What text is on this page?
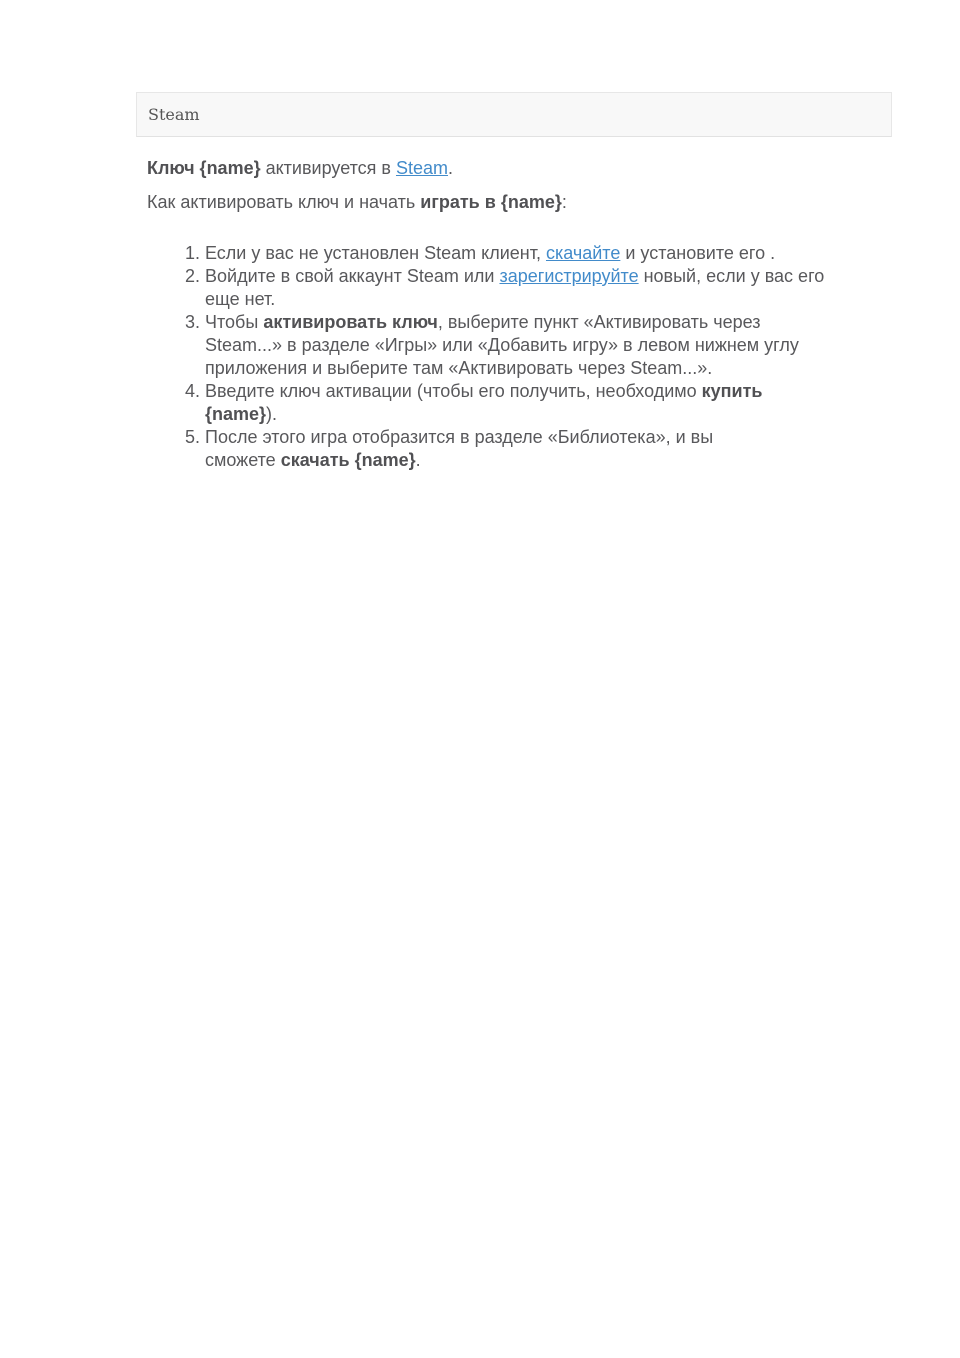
Steam

Ключ {name} активируется в Steam.

Как активировать ключ и начать играть в {name}:

1. Если у вас не установлен Steam клиент, скачайте и установите его .
2. Войдите в свой аккаунт Steam или зарегистрируйте новый, если у вас его
еще нет.
3. Чтобы активировать ключ, выберите пункт «Активировать через
Steam...» в разделе «Игры» или «Добавить игру» в левом нижнем углу
приложения и выберите там «Активировать через Steam...».
4. Введите ключ активации (чтобы его получить, необходимо купить
{name}).
5. После этого игра отобразится в разделе «Библиотека», и вы
сможете скачать {name}.
